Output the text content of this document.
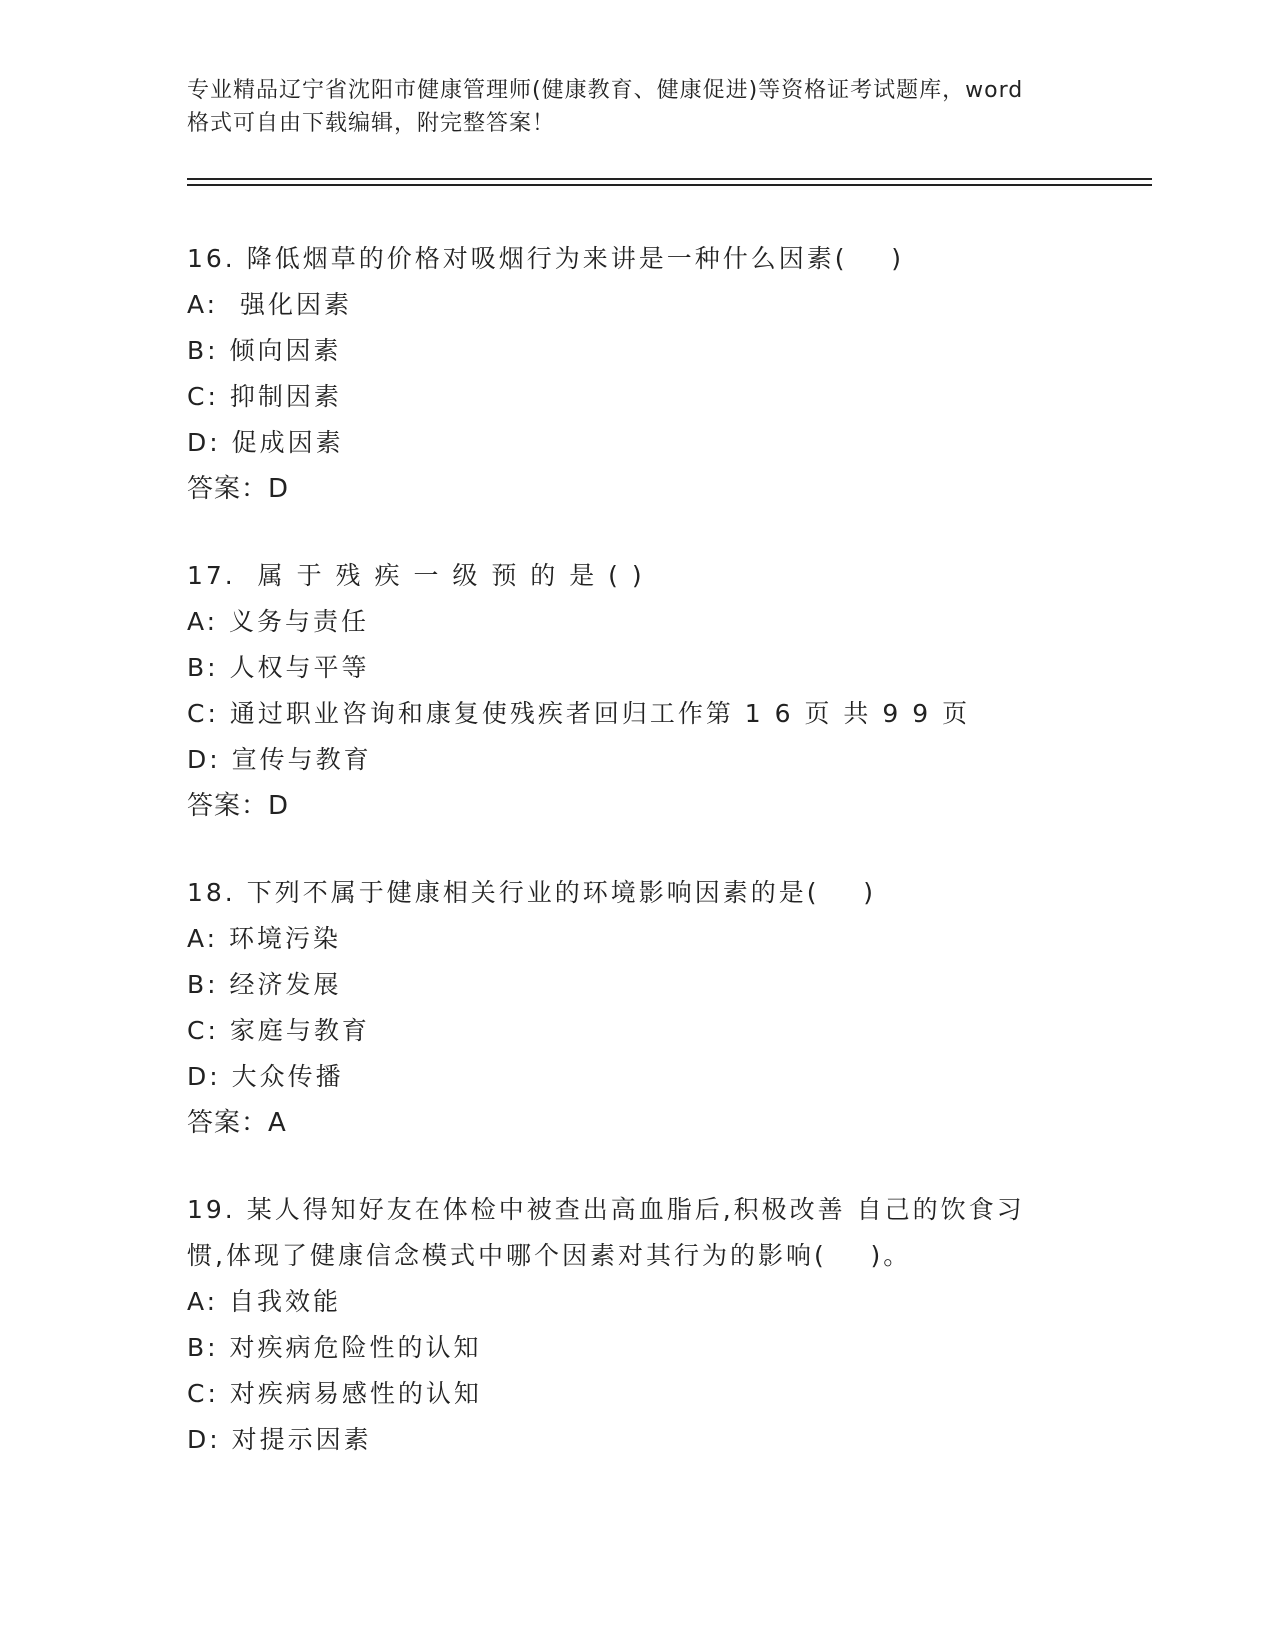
专业精品辽宁省沈阳市健康管理师(健康教育、健康促进)等资格证考试题库，word
格式可自由下载编辑，附完整答案！
16. 降低烟草的价格对吸烟行为来讲是一种什么因素(    )
A:  强化因素
B: 倾向因素
C: 抑制因素
D: 促成因素
答案：D
17.  属 于 残 疾 一 级 预 的 是 ( )
A: 义务与责任
B: 人权与平等
C: 通过职业咨询和康复使残疾者回归工作第 1 6 页 共 9 9 页
D: 宣传与教育
答案：D
18. 下列不属于健康相关行业的环境影响因素的是(    )
A: 环境污染
B: 经济发展
C: 家庭与教育
D: 大众传播
答案：A
19. 某人得知好友在体检中被查出高血脂后,积极改善 自己的饮食习
惯,体现了健康信念模式中哪个因素对其行为的影响(    )。
A: 自我效能
B: 对疾病危险性的认知
C: 对疾病易感性的认知
D: 对提示因素
